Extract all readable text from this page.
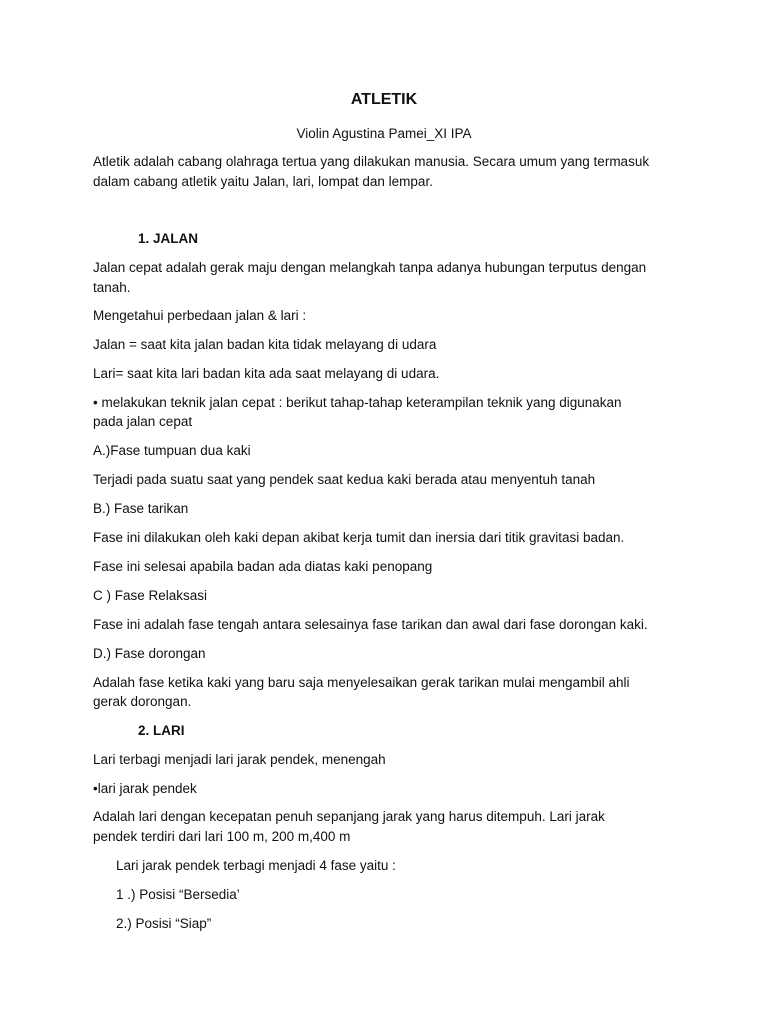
ATLETIK
Violin Agustina Pamei_XI IPA
Atletik adalah cabang olahraga tertua yang dilakukan manusia. Secara umum yang termasuk
dalam cabang atletik yaitu Jalan, lari, lompat dan lempar.
1. JALAN
Jalan cepat adalah gerak maju dengan melangkah tanpa adanya hubungan terputus dengan
tanah.
Mengetahui perbedaan jalan & lari :
Jalan = saat kita jalan badan kita tidak melayang di udara
Lari= saat kita lari badan kita ada saat melayang di udara.
• melakukan teknik jalan cepat : berikut tahap-tahap keterampilan teknik yang digunakan
pada jalan cepat
A.)Fase tumpuan dua kaki
Terjadi pada suatu saat yang pendek saat kedua kaki berada atau menyentuh tanah
B.) Fase tarikan
Fase ini dilakukan oleh kaki depan akibat kerja tumit dan inersia dari titik gravitasi badan.
Fase ini selesai apabila badan ada diatas kaki penopang
C ) Fase Relaksasi
Fase ini adalah fase tengah antara selesainya fase tarikan dan awal dari fase dorongan kaki.
D.) Fase dorongan
Adalah fase ketika kaki yang baru saja menyelesaikan gerak tarikan mulai mengambil ahli
gerak dorongan.
2. LARI
Lari terbagi menjadi lari jarak pendek, menengah
•lari jarak pendek
Adalah lari dengan kecepatan penuh sepanjang jarak yang harus ditempuh. Lari jarak
pendek terdiri dari lari 100 m, 200 m,400 m
Lari jarak pendek terbagi menjadi 4 fase yaitu :
1 .) Posisi “Bersedia’
2.) Posisi “Siap”
